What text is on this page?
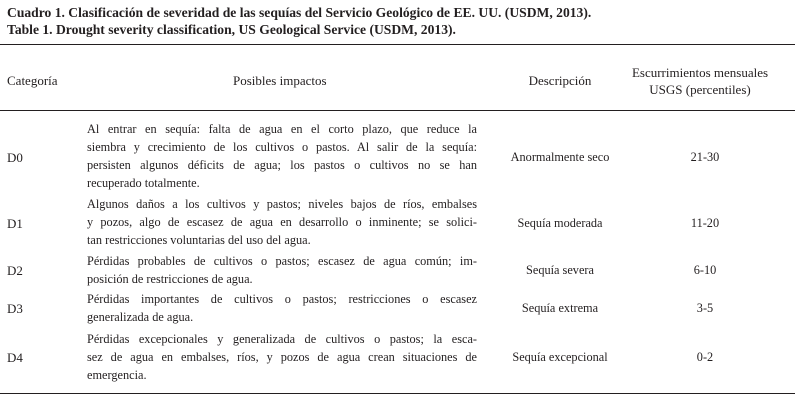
Cuadro 1. Clasificación de severidad de las sequías del Servicio Geológico de EE. UU. (USDM, 2013).
Table 1. Drought severity classification, US Geological Service (USDM, 2013).
Categoría	Posibles impactos	Descripción
Escurrimientos mensuales
USGS (percentiles)
D0
Al entrar en sequía: falta de agua en el corto plazo, que reduce la
siembra y crecimiento de los cultivos o pastos. Al salir de la sequía:
persisten algunos déficits de agua; los pastos o cultivos no se han
recuperado totalmente.
Anormalmente seco	21-30
D1
Algunos daños a los cultivos y pastos; niveles bajos de ríos, embalses
y pozos, algo de escasez de agua en desarrollo o inminente; se solici-
tan restricciones voluntarias del uso del agua.
Sequía moderada	11-20
D2
Pérdidas probables de cultivos o pastos; escasez de agua común; im-
posición de restricciones de agua.
Sequía severa	6-10
D3
Pérdidas importantes de cultivos o pastos; restricciones o escasez
generalizada de agua.
Sequía extrema	3-5
D4
Pérdidas excepcionales y generalizada de cultivos o pastos; la esca-
sez de agua en embalses, ríos, y pozos de agua crean situaciones de
emergencia.
Sequía excepcional	0-2
